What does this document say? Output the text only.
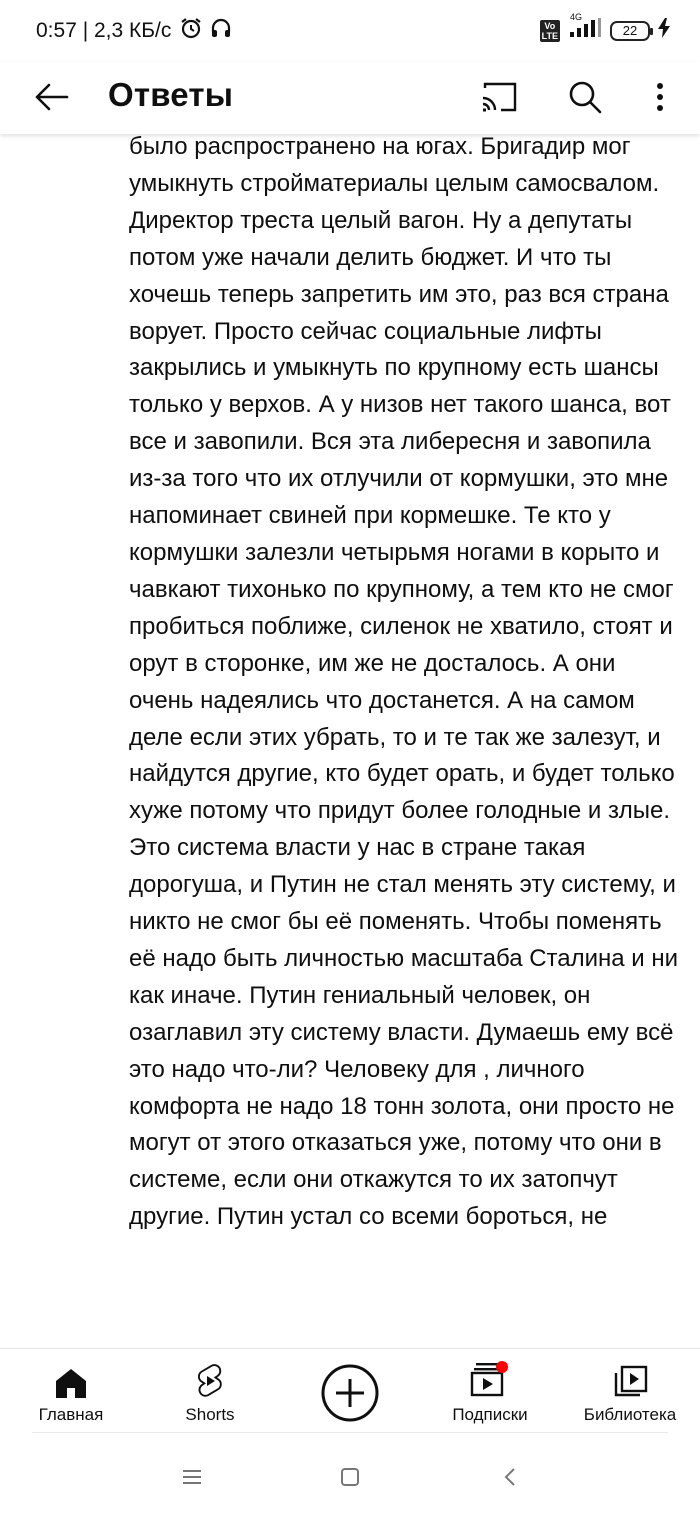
0:57 | 2,3 КБ/с	Vo
LTE
4G
22
Ответы

было распространено на югах. Бригадир мог умыкнуть стройматериалы целым самосвалом. Директор треста целый вагон. Ну а депутаты потом уже начали делить бюджет. И что ты хочешь теперь запретить им это, раз вся страна ворует. Просто сейчас социальные лифты закрылись и умыкнуть по крупному есть шансы только у верхов. А у низов нет такого шанса, вот все и завопили. Вся эта либересня и завопила из-за того что их отлучили от кормушки, это мне напоминает свиней при кормешке. Те кто у кормушки залезли четырьмя ногами в корыто и чавкают тихонько по крупному, а тем кто не смог пробиться поближе, силенок не хватило, стоят и орут в сторонке, им же не досталось. А они очень надеялись что достанется. А на самом деле если этих убрать, то и те так же залезут, и найдутся другие, кто будет орать, и будет только хуже потому что придут более голодные и злые. Это система власти у нас в стране такая дорогуша, и Путин не стал менять эту систему, и никто не смог бы её поменять. Чтобы поменять её надо быть личностью масштаба Сталина и ни как иначе. Путин гениальный человек, он озаглавил эту систему власти. Думаешь ему всё это надо что-ли? Человеку для , личного комфорта не надо 18 тонн золота, они просто не могут от этого отказаться уже, потому что они в системе, если они откажутся то их затопчут другие. Путин устал со всеми бороться, не

Главная	Shorts	Подписки	Библиотека
